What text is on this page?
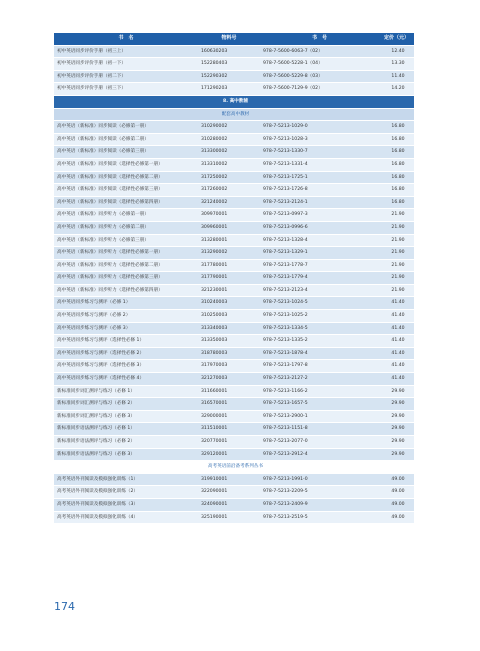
书　名	物料号	书　号	定价（元）
初中英语同步评价手册（初三上）	160630203	978-7-5600-6063-7（02）	12.40
初中英语同步评价手册（初一下）	152280403	978-7-5600-5228-1（04）	13.30
初中英语同步评价手册（初二下）	152290302	978-7-5600-5229-8（03）	11.40
初中英语同步评价手册（初三下）	171290203	978-7-5600-7129-9（02）	14.20
8. 高中教辅			
配套高中教材			
高中英语（新标准）同步阅读（必修第一册）	310290002	978-7-5213-1029-0	16.80
高中英语（新标准）同步阅读（必修第二册）	310280002	978-7-5213-1028-3	16.80
高中英语（新标准）同步阅读（必修第三册）	313300002	978-7-5213-1330-7	16.80
高中英语（新标准）同步阅读（选择性必修第一册）	313310002	978-7-5213-1331-4	16.80
高中英语（新标准）同步阅读（选择性必修第二册）	317250002	978-7-5213-1725-1	16.80
高中英语（新标准）同步阅读（选择性必修第三册）	317260002	978-7-5213-1726-8	16.80
高中英语（新标准）同步阅读（选择性必修第四册）	321240002	978-7-5213-2124-1	16.80
高中英语（新标准）同步听力（必修第一册）	309970001	978-7-5213-0997-3	21.90
高中英语（新标准）同步听力（必修第二册）	309960001	978-7-5213-0996-6	21.90
高中英语（新标准）同步听力（必修第三册）	313280001	978-7-5213-1328-4	21.90
高中英语（新标准）同步听力（选择性必修第一册）	313290002	978-7-5213-1329-1	21.90
高中英语（新标准）同步听力（选择性必修第二册）	317780001	978-7-5213-1778-7	21.90
高中英语（新标准）同步听力（选择性必修第三册）	317790001	978-7-5213-1779-4	21.90
高中英语（新标准）同步听力（选择性必修第四册）	321230001	978-7-5213-2123-4	21.90
高中英语同步练习与测评（必修 1）	310240003	978-7-5213-1024-5	41.40
高中英语同步练习与测评（必修 2）	310250003	978-7-5213-1025-2	41.40
高中英语同步练习与测评（必修 3）	313340003	978-7-5213-1334-5	41.40
高中英语同步练习与测评（选择性必修 1）	313350003	978-7-5213-1335-2	41.40
高中英语同步练习与测评（选择性必修 2）	318780003	978-7-5213-1878-4	41.40
高中英语同步练习与测评（选择性必修 3）	317970003	978-7-5213-1797-8	41.40
高中英语同步练习与测评（选择性必修 4）	321270003	978-7-5213-2127-2	41.40
新标准同步词汇测评与练习（必修 1）	311660001	978-7-5213-1166-2	29.90
新标准同步词汇测评与练习（必修 2）	316570001	978-7-5213-1657-5	29.90
新标准同步词汇测评与练习（必修 3）	329000001	978-7-5213-2900-1	29.90
新标准同步语法测评与练习（必修 1）	311510001	978-7-5213-1151-8	29.90
新标准同步语法测评与练习（必修 2）	320770001	978-7-5213-2077-0	29.90
新标准同步语法测评与练习（必修 3）	329120001	978-7-5213-2912-4	29.90
高考英语前沿备考系列丛书			
高考英语外刊阅读及模拟强化训练（1）	319910001	978-7-5213-1991-0	49.00
高考英语外刊阅读及模拟强化训练（2）	322090001	978-7-5213-2209-5	49.00
高考英语外刊阅读及模拟强化训练（3）	324090001	978-7-5213-2409-9	49.00
高考英语外刊阅读及模拟强化训练（4）	325190001	978-7-5213-2519-5	49.00
174
